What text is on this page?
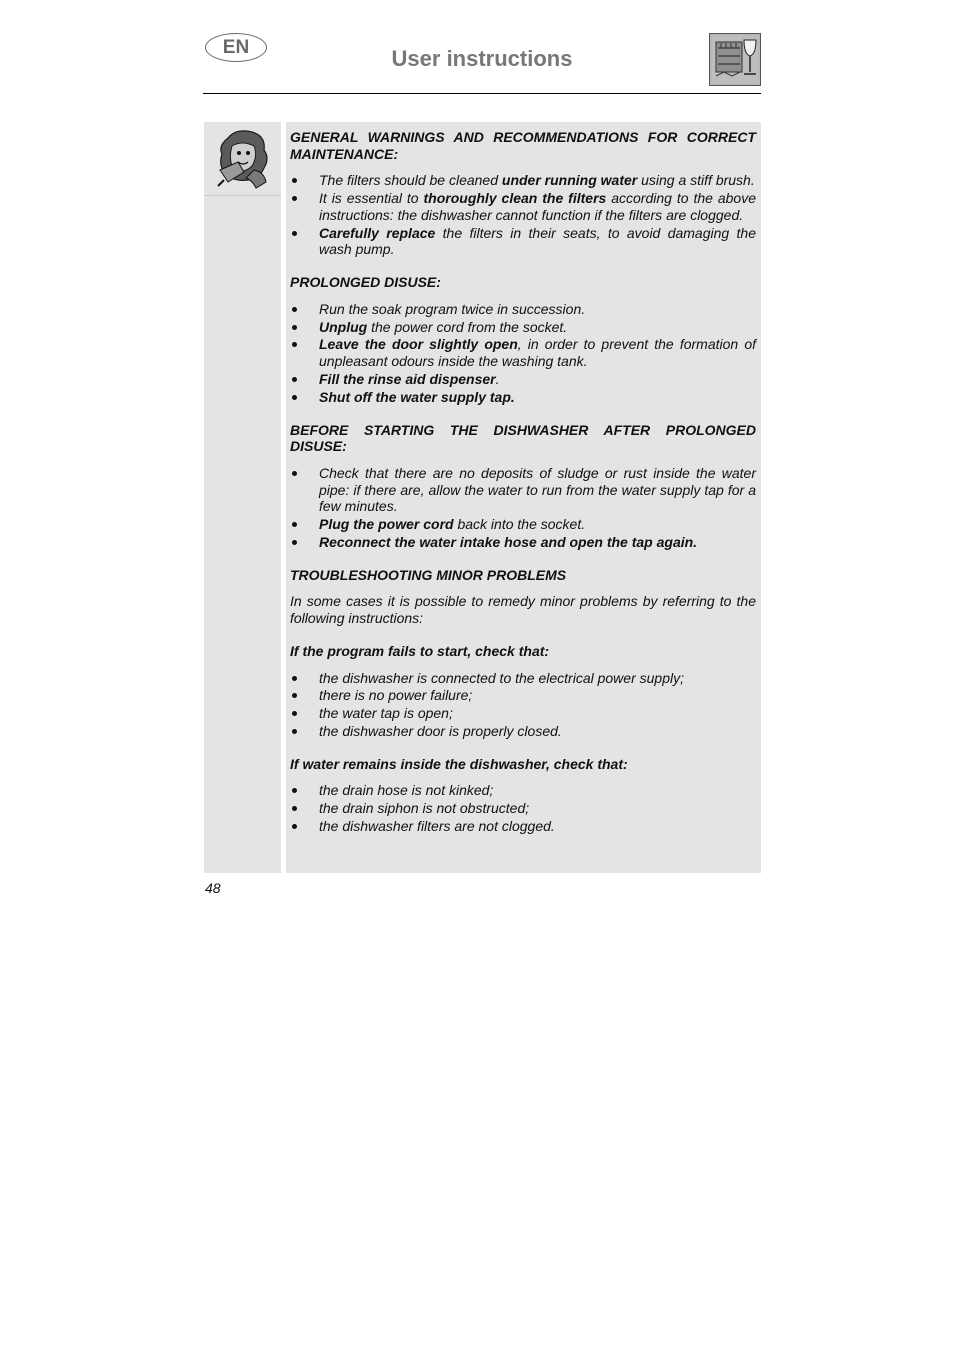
EN	User instructions
GENERAL WARNINGS AND RECOMMENDATIONS FOR CORRECT MAINTENANCE:
The filters should be cleaned under running water using a stiff brush.
It is essential to thoroughly clean the filters according to the above instructions: the dishwasher cannot function if the filters are clogged.
Carefully replace the filters in their seats, to avoid damaging the wash pump.
PROLONGED DISUSE:
Run the soak program twice in succession.
Unplug the power cord from the socket.
Leave the door slightly open, in order to prevent the formation of unpleasant odours inside the washing tank.
Fill the rinse aid dispenser.
Shut off the water supply tap.
BEFORE STARTING THE DISHWASHER AFTER PROLONGED DISUSE:
Check that there are no deposits of sludge or rust inside the water pipe: if there are, allow the water to run from the water supply tap for a few minutes.
Plug the power cord back into the socket.
Reconnect the water intake hose and open the tap again.
TROUBLESHOOTING MINOR PROBLEMS

In some cases it is possible to remedy minor problems by referring to the following instructions:

If the program fails to start, check that:
the dishwasher is connected to the electrical power supply;
there is no power failure;
the water tap is open;
the dishwasher door is properly closed.
If water remains inside the dishwasher, check that:
the drain hose is not kinked;
the drain siphon is not obstructed;
the dishwasher filters are not clogged.
48
